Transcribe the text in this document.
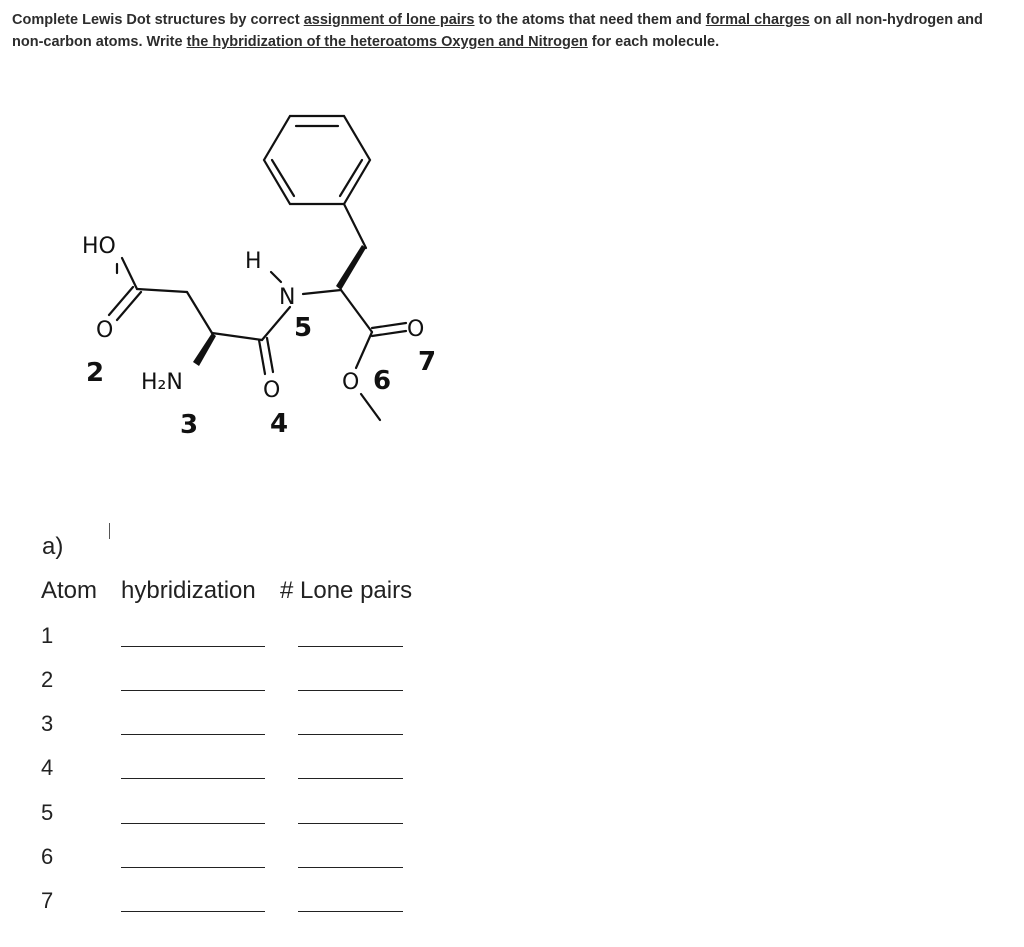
Complete Lewis Dot structures by correct assignment of lone pairs to the atoms that need them and formal charges on all non-hydrogen and non-carbon atoms. Write the hybridization of the heteroatoms Oxygen and Nitrogen for each molecule.
HO
O
H
N
H₂N	O
O
O
2
3	4
5
6
7
a)
Atom hybridization # Lone pairs
1
2
3
4
5
6
7
